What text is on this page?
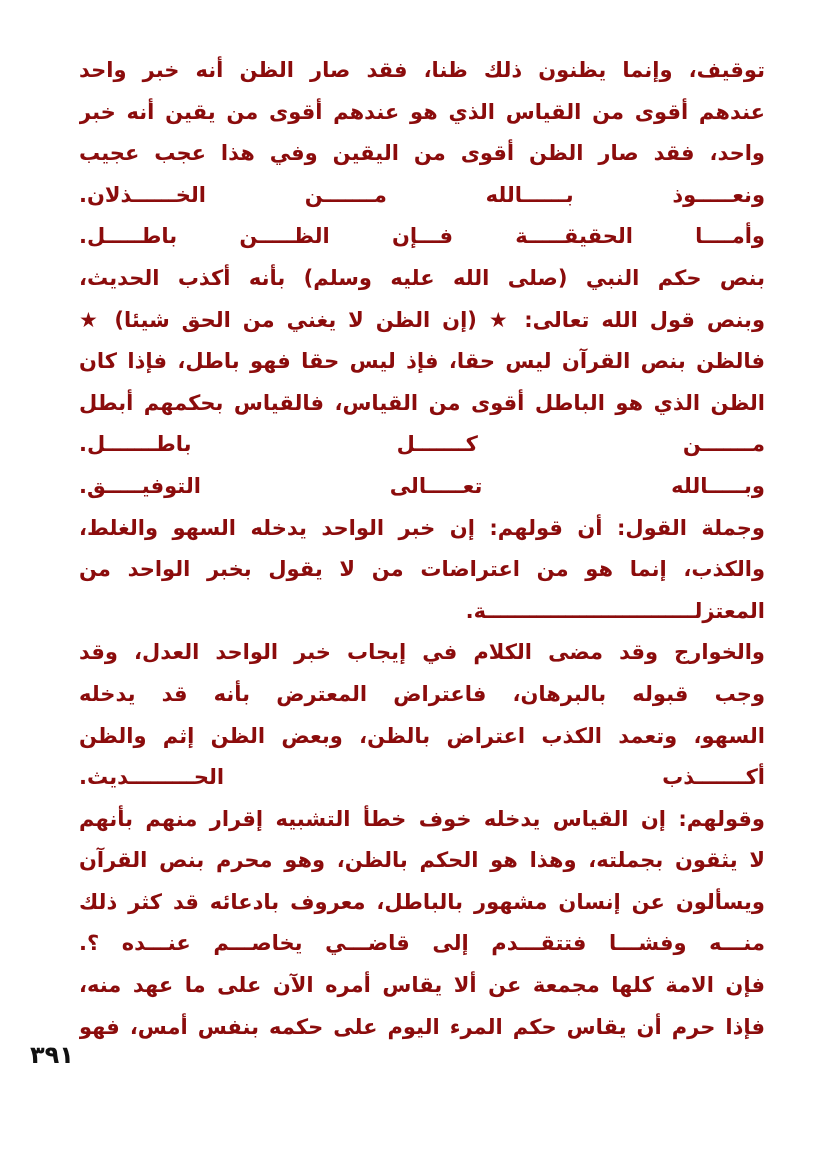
توقيف، وإنما يظنون ذلك ظنا، فقد صار الظن أنه خبر واحد
عندهم أقوى من القياس الذي هو عندهم أقوى من يقين أنه خبر
واحد، فقد صار الظن أقوى من اليقين وفي هذا عجب عجيب
ونعـــــوذ بــــــالله مـــــــن الخــــــذلان.
وأمــــا الحقيقـــــة فـــإن الظـــــن باطـــــل.
بنص حكم النبي (صلى الله عليه وسلم) بأنه أكذب الحديث،
وبنص قول الله تعالى: ★ (إن الظن لا يغني من الحق شيئا) ★
فالظن بنص القرآن ليس حقا، فإذ ليس حقا فهو باطل، فإذا كان
الظن الذي هو الباطل أقوى من القياس، فالقياس بحكمهم أبطل
مـــــــن كـــــــل باطـــــــل.
وبـــــالله تعـــــالى التوفيـــــق.
وجملة القول: أن قولهم: إن خبر الواحد يدخله السهو والغلط،
والكذب، إنما هو من اعتراضات من لا يقول بخبر الواحد من
المعتزلـــــــــــــــــــــــــــــة.
والخوارج وقد مضى الكلام في إيجاب خبر الواحد العدل، وقد
وجب قبوله بالبرهان، فاعتراض المعترض بأنه قد يدخله
السهو، وتعمد الكذب اعتراض بالظن، وبعض الظن إثم والظن
أكـــــــذب الحـــــــــديث.
وقولهم: إن القياس يدخله خوف خطأ التشبيه إقرار منهم بأنهم
لا يثقون بجملته، وهذا هو الحكم بالظن، وهو محرم بنص القرآن
ويسألون عن إنسان مشهور بالباطل، معروف بادعائه قد كثر ذلك
منـــه وفشـــا فتتقـــدم إلى قاضـــي يخاصـــم عنـــده ؟.
فإن الامة كلها مجمعة عن ألا يقاس أمره الآن على ما عهد منه،
فإذا حرم أن يقاس حكم المرء اليوم على حكمه بنفس أمس، فهو
٣٩١
